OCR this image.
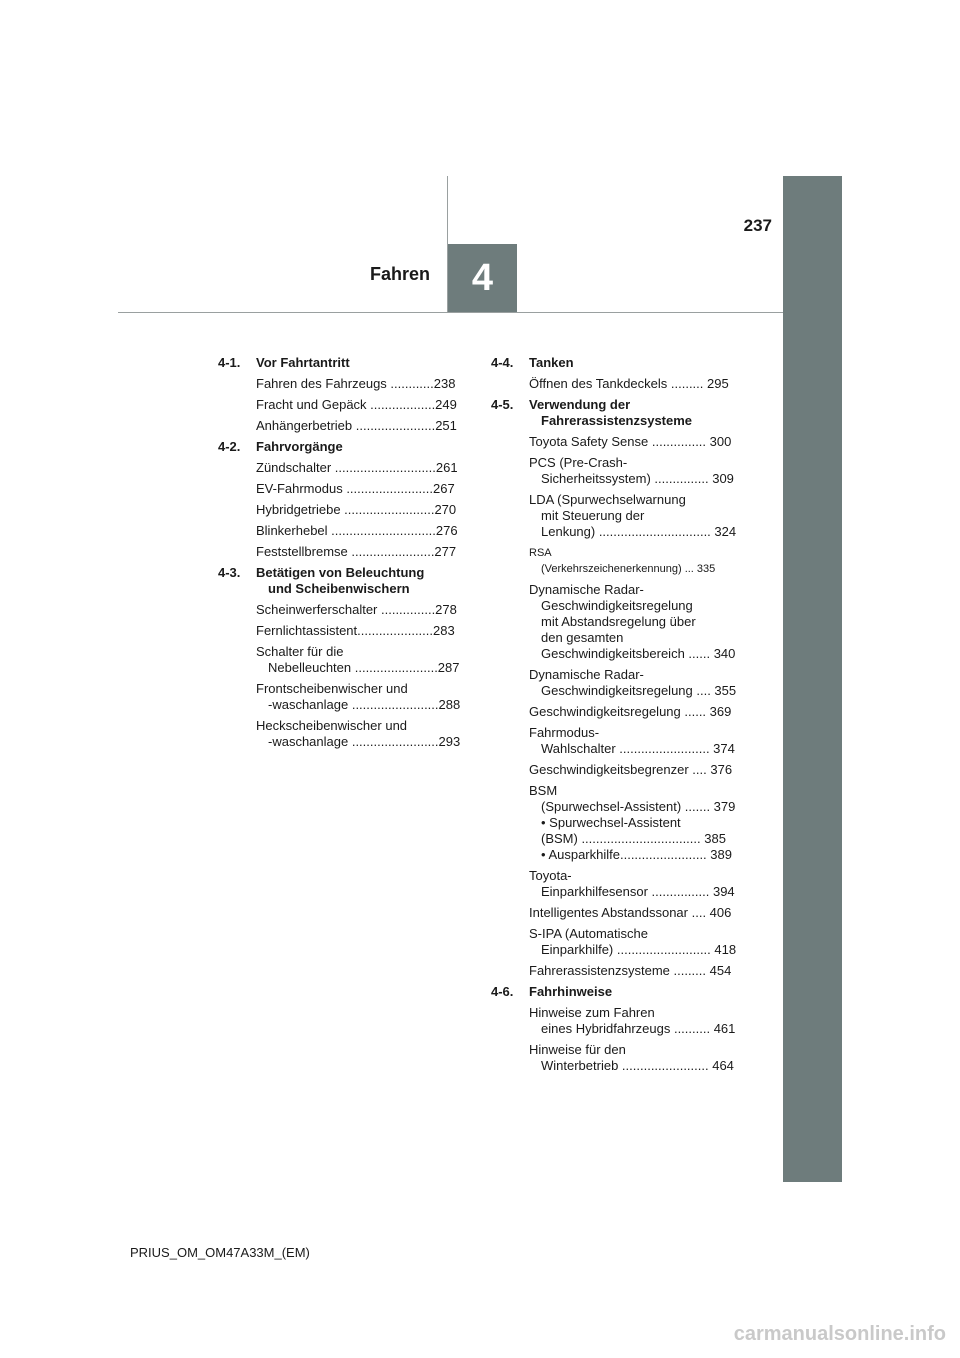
4
Fahren
237
4-1.	Vor Fahrtantritt
Fahren des Fahrzeugs ............238
Fracht und Gepäck ..................249
Anhängerbetrieb ......................251
4-2.	Fahrvorgänge
Zündschalter ............................261
EV-Fahrmodus ........................267
Hybridgetriebe .........................270
Blinkerhebel .............................276
Feststellbremse .......................277
4-3.	Betätigen von Beleuchtung
und Scheibenwischern
Scheinwerferschalter ...............278
Fernlichtassistent.....................283
Schalter für die
Nebelleuchten .......................287
Frontscheibenwischer und
-waschanlage ........................288
Heckscheibenwischer und
-waschanlage ........................293
4-4.	Tanken
Öffnen des Tankdeckels ......... 295
4-5.	Verwendung der
Fahrerassistenzsysteme
Toyota Safety Sense ............... 300
PCS (Pre-Crash-
Sicherheitssystem) ............... 309
LDA (Spurwechselwarnung
mit Steuerung der
Lenkung) ............................... 324
RSA
(Verkehrszeichenerkennung) ... 335
Dynamische Radar-
Geschwindigkeitsregelung
mit Abstandsregelung über
den gesamten
Geschwindigkeitsbereich ...... 340
Dynamische Radar-
Geschwindigkeitsregelung .... 355
Geschwindigkeitsregelung ...... 369
Fahrmodus-
Wahlschalter ......................... 374
Geschwindigkeitsbegrenzer .... 376
BSM
(Spurwechsel-Assistent) ....... 379
• Spurwechsel-Assistent
(BSM) ................................. 385
• Ausparkhilfe........................ 389
Toyota-
Einparkhilfesensor ................ 394
Intelligentes Abstandssonar .... 406
S-IPA (Automatische
Einparkhilfe) .......................... 418
Fahrerassistenzsysteme ......... 454
4-6.	Fahrhinweise
Hinweise zum Fahren
eines Hybridfahrzeugs .......... 461
Hinweise für den
Winterbetrieb ........................ 464
PRIUS_OM_OM47A33M_(EM)
carmanualsonline.info
